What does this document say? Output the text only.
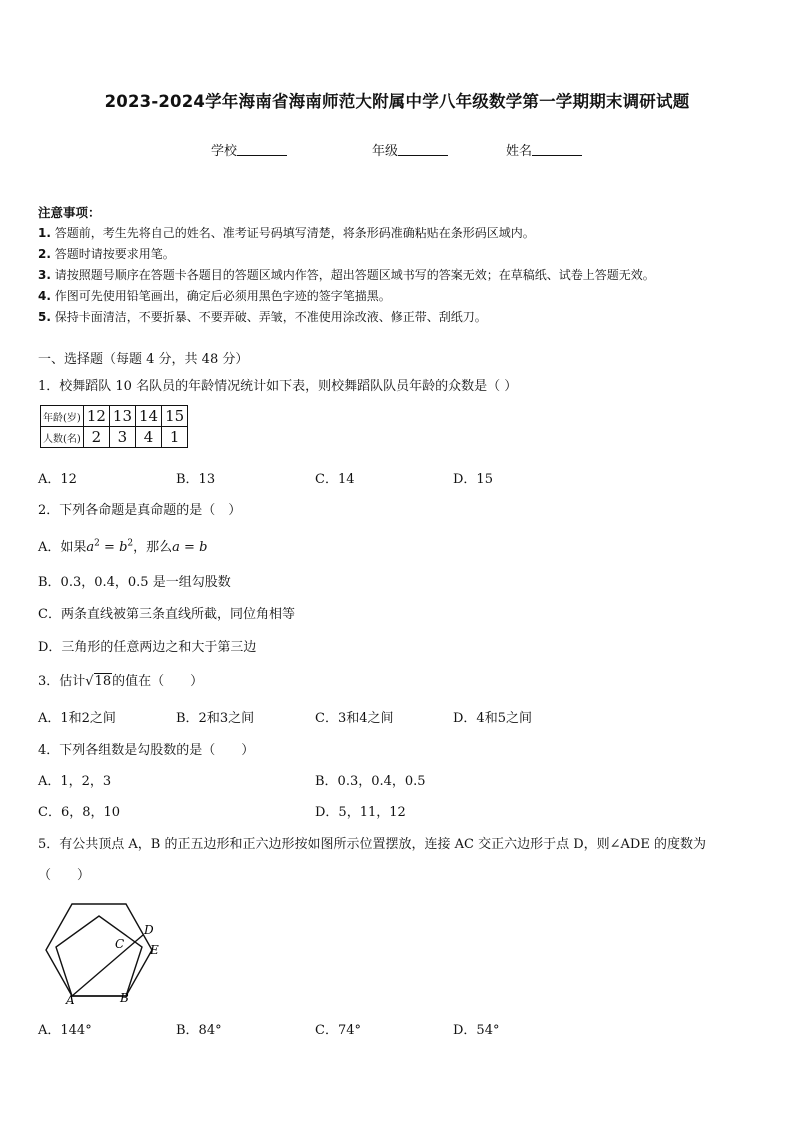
2023-2024学年海南省海南师范大附属中学八年级数学第一学期期末调研试题
学校	年级	姓名
注意事项：
1. 答题前，考生先将自己的姓名、准考证号码填写清楚，将条形码准确粘贴在条形码区域内。
2. 答题时请按要求用笔。
3. 请按照题号顺序在答题卡各题目的答题区域内作答，超出答题区域书写的答案无效；在草稿纸、试卷上答题无效。
4. 作图可先使用铅笔画出，确定后必须用黑色字迹的签字笔描黑。
5. 保持卡面清洁，不要折暴、不要弄破、弄皱，不准使用涂改液、修正带、刮纸刀。
一、选择题（每题 4 分，共 48 分）
1．校舞蹈队 10 名队员的年龄情况统计如下表，则校舞蹈队队员年龄的众数是（ ）
年龄(岁)	12	13	14	15
人数(名)	2	3	4	1
A．12	B．13	C．14	D．15
2．下列各命题是真命题的是（　）
A．如果$a^2 = b^2$，那么a = b
B．0.3，0.4，0.5 是一组勾股数
C．两条直线被第三条直线所截，同位角相等
D．三角形的任意两边之和大于第三边
3．估计√18的值在（　　）
A．1和2之间	B．2和3之间	C．3和4之间	D．4和5之间
4．下列各组数是勾股数的是（　　）
A．1，2，3	B．0.3，0.4，0.5
C．6，8，10	D．5，11，12
5．有公共顶点 A，B 的正五边形和正六边形按如图所示位置摆放，连接 AC 交正六边形于点 D，则∠ADE 的度数为
（　　）
A	B
C
D
E
A．144°	B．84°	C．74°	D．54°
